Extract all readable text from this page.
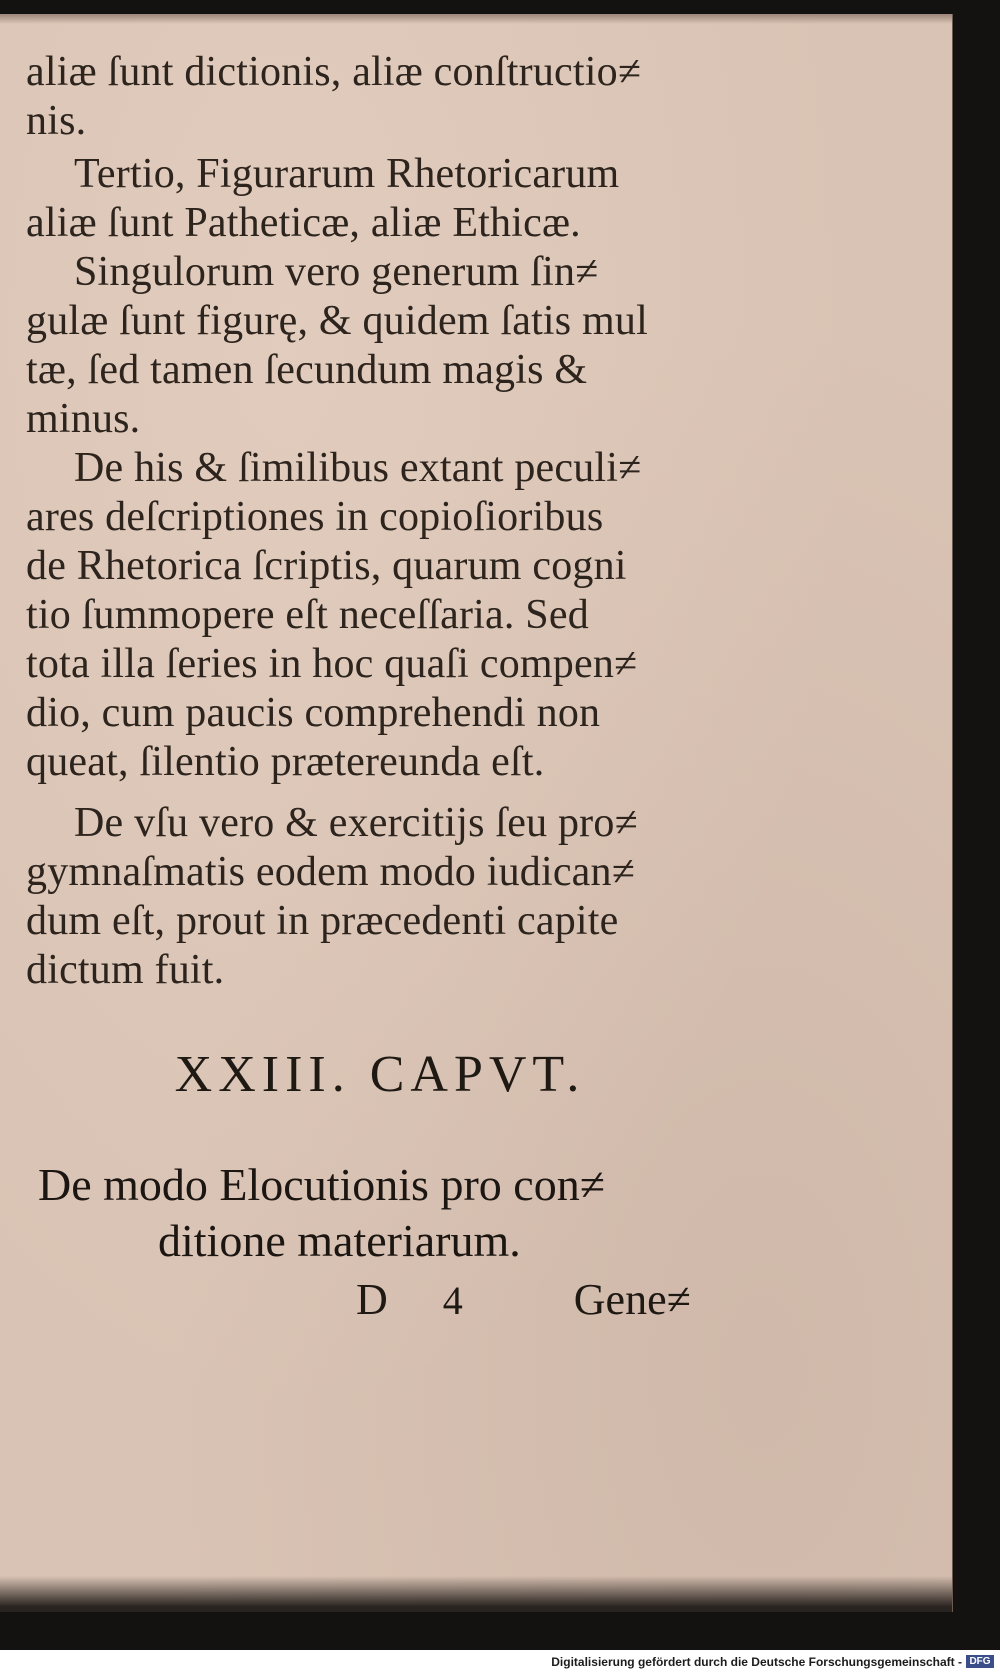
aliæ ſunt dictionis, aliæ conſtructio≠
nis.
Tertio, Figurarum Rhetoricarum
aliæ ſunt Patheticæ, aliæ Ethicæ.
Singulorum vero generum ſin≠
gulæ ſunt figurę, & quidem ſatis mul
tæ, ſed tamen ſecundum magis &
minus.
De his & ſimilibus extant peculi≠
ares deſcriptiones in copioſioribus
de Rhetorica ſcriptis, quarum cogni
tio ſummopere eſt neceſſaria. Sed
tota illa ſeries in hoc quaſi compen≠
dio, cum paucis comprehendi non
queat, ſilentio prætereunda eſt.
De vſu vero & exercitijs ſeu pro≠
gymnaſmatis eodem modo iudican≠
dum eſt, prout in præcedenti capite
dictum fuit.
XXIII. CAPVT.
De modo Elocutionis pro con≠
ditione materiarum.
D 4	Gene≠
Digitalisierung gefördert durch die Deutsche Forschungsgemeinschaft - DFG
